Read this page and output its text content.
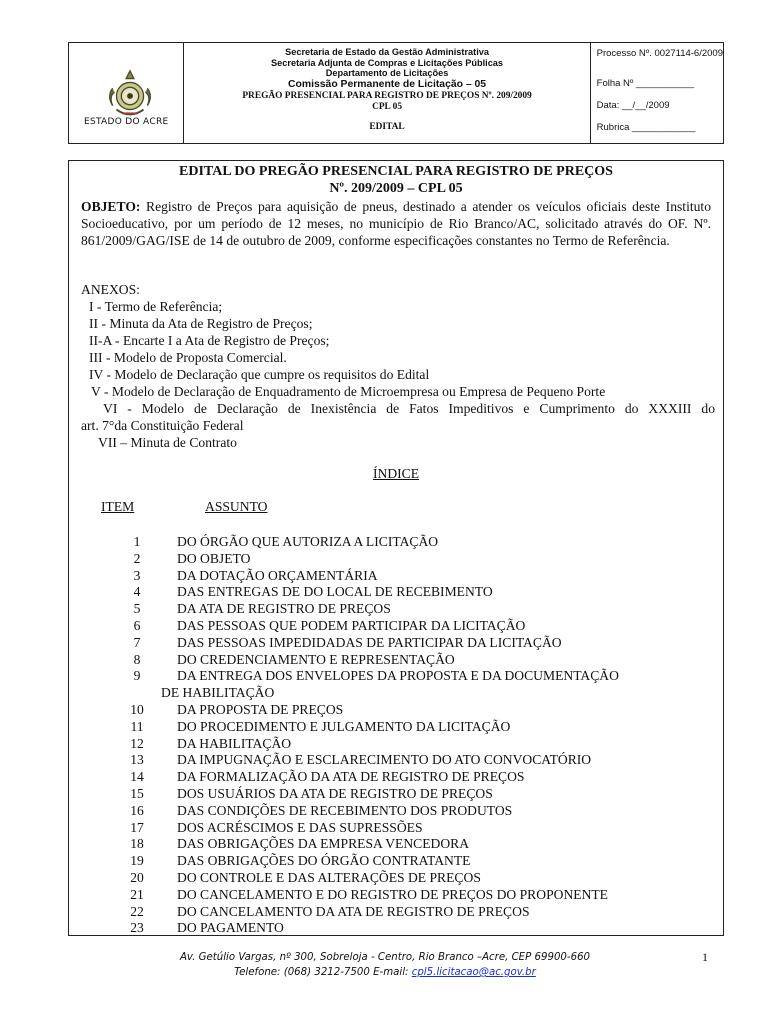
ESTADO DO ACRE
Secretaria de Estado da Gestão Administrativa
Secretaria Adjunta de Compras e Licitações Públicas
Departamento de Licitações
Comissão Permanente de Licitação – 05
PREGÃO PRESENCIAL PARA REGISTRO DE PREÇOS Nº. 209/2009
CPL 05
EDITAL
Processo Nº. 0027114-6/2009
Folha Nº ___________
Data: __/__/2009
Rubrica ____________
EDITAL DO PREGÃO PRESENCIAL PARA REGISTRO DE PREÇOS
Nº. 209/2009 – CPL 05
OBJETO: Registro de Preços para aquisição de pneus, destinado a atender os veículos oficiais deste Instituto Socioeducativo, por um período de 12 meses, no município de Rio Branco/AC, solicitado através do OF. Nº. 861/2009/GAG/ISE de 14 de outubro de 2009, conforme especificações constantes no Termo de Referência.
ANEXOS:
I - Termo de Referência;
II - Minuta da Ata de Registro de Preços;
II-A - Encarte I a Ata de Registro de Preços;
III - Modelo de Proposta Comercial.
IV - Modelo de Declaração que cumpre os requisitos do Edital
V - Modelo de Declaração de Enquadramento de Microempresa ou Empresa de Pequeno Porte
VI - Modelo de Declaração de Inexistência de Fatos Impeditivos e Cumprimento do XXXIII do
art. 7°da Constituição Federal
VII – Minuta de Contrato
ÍNDICE
ITEM	ASSUNTO
1	DO ÓRGÃO QUE AUTORIZA A LICITAÇÃO
2	DO OBJETO
3	DA DOTAÇÃO ORÇAMENTÁRIA
4	DAS ENTREGAS DE DO LOCAL DE RECEBIMENTO
5	DA ATA DE REGISTRO DE PREÇOS
6	DAS PESSOAS QUE PODEM PARTICIPAR DA LICITAÇÃO
7	DAS PESSOAS IMPEDIDADAS DE PARTICIPAR DA LICITAÇÃO
8	DO CREDENCIAMENTO E REPRESENTAÇÃO
9	DA ENTREGA DOS ENVELOPES DA PROPOSTA E DA DOCUMENTAÇÃO
DE HABILITAÇÃO
10	DA PROPOSTA DE PREÇOS
11	DO PROCEDIMENTO E JULGAMENTO DA LICITAÇÃO
12	DA HABILITAÇÃO
13	DA IMPUGNAÇÃO E ESCLARECIMENTO DO ATO CONVOCATÓRIO
14	DA FORMALIZAÇÃO DA ATA DE REGISTRO DE PREÇOS
15	DOS USUÁRIOS DA ATA DE REGISTRO DE PREÇOS
16	DAS CONDIÇÕES DE RECEBIMENTO DOS PRODUTOS
17	DOS ACRÉSCIMOS E DAS SUPRESSÕES
18	DAS OBRIGAÇÕES DA EMPRESA VENCEDORA
19	DAS OBRIGAÇÕES DO ÓRGÃO CONTRATANTE
20	DO CONTROLE E DAS ALTERAÇÕES DE PREÇOS
21	DO CANCELAMENTO E DO REGISTRO DE PREÇOS DO PROPONENTE
22	DO CANCELAMENTO DA ATA DE REGISTRO DE PREÇOS
23	DO PAGAMENTO
Av. Getúlio Vargas, nº 300, Sobreloja - Centro, Rio Branco –Acre, CEP 69900-660
Telefone: (068) 3212-7500 E-mail: cpl5.licitacao@ac.gov.br
1
